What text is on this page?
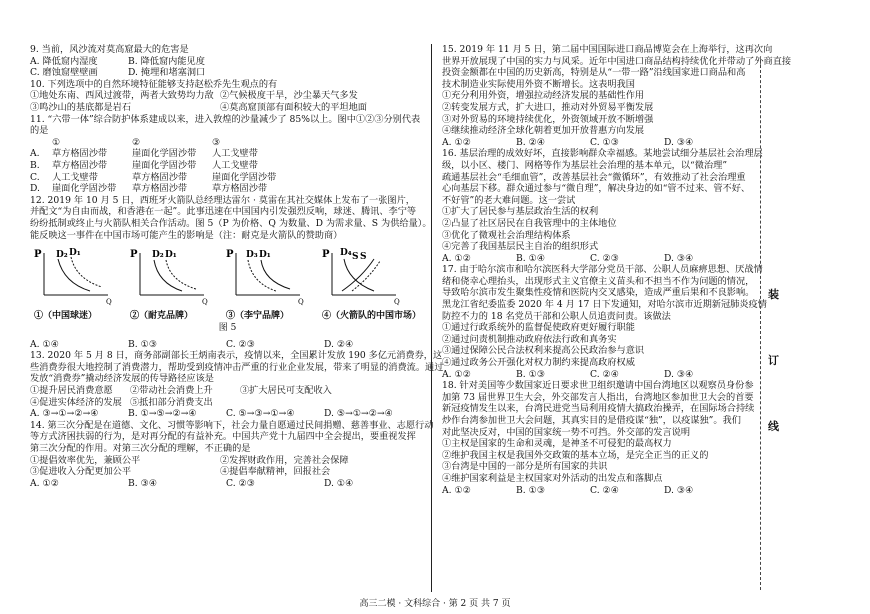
9. 当前，风沙流对莫高窟最大的危害是
A. 降低窟内湿度	B. 降低窟内能见度
C. 磨蚀窟壁壁画	D. 掩埋和堵塞洞口
10. 下列选项中的自然环境特征能够支持赵松乔先生观点的有
①地处东南、西风过渡带，两者大致势均力敌 ②气候极度干旱，沙尘暴天气多发
③鸣沙山的基底都是岩石	④莫高窟顶部有面积较大的平坦地面
11. “六带一体”综合防护体系建成以来，进入敦煌的沙量减少了 85%以上。图中①②③分别代表
的是
①	②	③
A.	草方格固沙带	崖面化学固沙带	人工戈壁带
B.	草方格固沙带	崖面化学固沙带	人工戈壁带
C.	人工戈壁带	草方格固沙带	崖面化学固沙带
D.	崖面化学固沙带	草方格固沙带	草方格固沙带
12. 2019 年 10 月 5 日，西班牙火箭队总经理达雷尔 · 莫雷在其社交媒体上发布了一张图片，
并配文“为自由而战，和香港在一起”。此事迅速在中国国内引发强烈反响，球迷、腾讯、李宁等
纷纷抵制或终止与火箭队相关合作活动。图 5（P 为价格、Q 为数量、D 为需求量、S 为供给量）。
能反映这一事件在中国市场可能产生的影响是（注：耐克是火箭队的赞助商）
P
Q
D₂ D₁
①（中国球迷）
P
Q
D₂ D₁
②（耐克品牌）
P
Q
D₃ D₁
③（李宁品牌）
P
Q
D₄ S S
④（火箭队的中国市场）
图 5
A. ①④	B. ①③	C. ②③	D. ②④
13. 2020 年 5 月 8 日，商务部副部长王炳南表示，疫情以来，全国累计发放 190 多亿元消费券，这
些消费券很大地控制了消费潜力，帮助受到疫情冲击严重的行业企业发展，带来了明显的消费流。通过
发放“消费券”撬动经济发展的传导路径应该是
①提升居民消费意愿	②带动社会消费上升	③扩大居民可支配收入
④促进实体经济的发展 ⑤抵扣部分消费支出
A. ③→①→②→④	B. ①→⑤→②→④	C. ⑤→③→①→④	D. ⑤→①→②→④
14. 第三次分配是在道德、文化、习惯等影响下，社会力量自愿通过民间捐赠、慈善事业、志愿行动
等方式济困扶弱的行为，是对再分配的有益补充。中国共产党十九届四中全会提出，要重视发挥
第三次分配的作用。对第三次分配的理解，不正确的是
①提倡效率优先，兼顾公平	②发挥财政作用，完善社会保障
③促进收入分配更加公平	④提倡奉献精神，回报社会
A. ①②	B. ③④	C. ②③	D. ①④
15. 2019 年 11 月 5 日，第二届中国国际进口商品博览会在上海举行，这再次向
世界开放展现了中国的实力与风采。近年中国进口商品结构持续优化并带动了外商直接
投资金额都在中国的历史新高，特别是从“一带一路”沿线国家进口商品和高
技术制造业实际使用外资不断增长。这表明我国
①充分利用外资，增强拉动经济发展的基础性作用
②转变发展方式，扩大进口，推动对外贸易平衡发展
③对外贸易的环境持续优化，外资领域开放不断增强
④继续推动经济全球化朝着更加开放普惠方向发展
A. ①②	B. ②④	C. ①③	D. ③④
16. 基层治理的成效好坏，直接影响群众幸福感。某地尝试细分基层社会治理层
级，以小区、楼门、网格等作为基层社会治理的基本单元，以“微治理”
疏通基层社会“毛细血管”，改善基层社会“微循环”，有效推动了社会治理重
心向基层下移。群众通过参与“微自理”，解决身边的如“管不过来、管不好、
不好管”的老大难问题。这一尝试
①扩大了居民参与基层政治生活的权利
②凸显了社区居民在自我管理中的主体地位
③优化了微观社会治理结构体系
④完善了我国基层民主自治的组织形式
A. ①②	B. ①④	C. ②③	D. ③④
17. 由于哈尔滨市和哈尔滨医科大学部分党员干部、公职人员麻痹思想、厌战情
绪和侥幸心理抬头，出现形式主义官僚主义苗头和不担当不作为问题的情况，
导致哈尔滨市发生聚集性疫情和医院内交叉感染，造成严重后果和不良影响。
黑龙江省纪委监委 2020 年 4 月 17 日下发通知，对哈尔滨市近期新冠肺炎疫情
防控不力的 18 名党员干部和公职人员追责问责。该做法
①通过行政系统外的监督促使政府更好履行职能
②通过问责机制推动政府依法行政和真务实
③通过保障公民合法权利来提高公民政治参与意识
④通过政务公开强化对权力制约来提高政府权威
A. ①②	B. ①③	C. ②④	D. ③④
18. 针对美国等少数国家近日要求世卫组织邀请中国台湾地区以观察员身份参
加第 73 届世界卫生大会，外交部发言人指出，台湾地区参加世卫大会的首要
新冠疫情发生以来，台湾民进党当局利用疫情大搞政治操弄，在国际场合持续
炒作台湾参加世卫大会问题，其真实目的是借疫谋“独”，以疫谋独”。我们
对此坚决反对，中国的国家统一势不可挡。外交部的发言说明
①主权是国家的生命和灵魂，是神圣不可侵犯的最高权力
②维护我国主权是我国外交政策的基本立场，是完全正当的正义的
③台湾是中国的一部分是所有国家的共识
④维护国家利益是主权国家对外活动的出发点和落脚点
A. ①②	B. ①③	C. ②④	D. ③④
装
订
线
高三二模 · 文科综合 · 第 2 页 共 7 页
